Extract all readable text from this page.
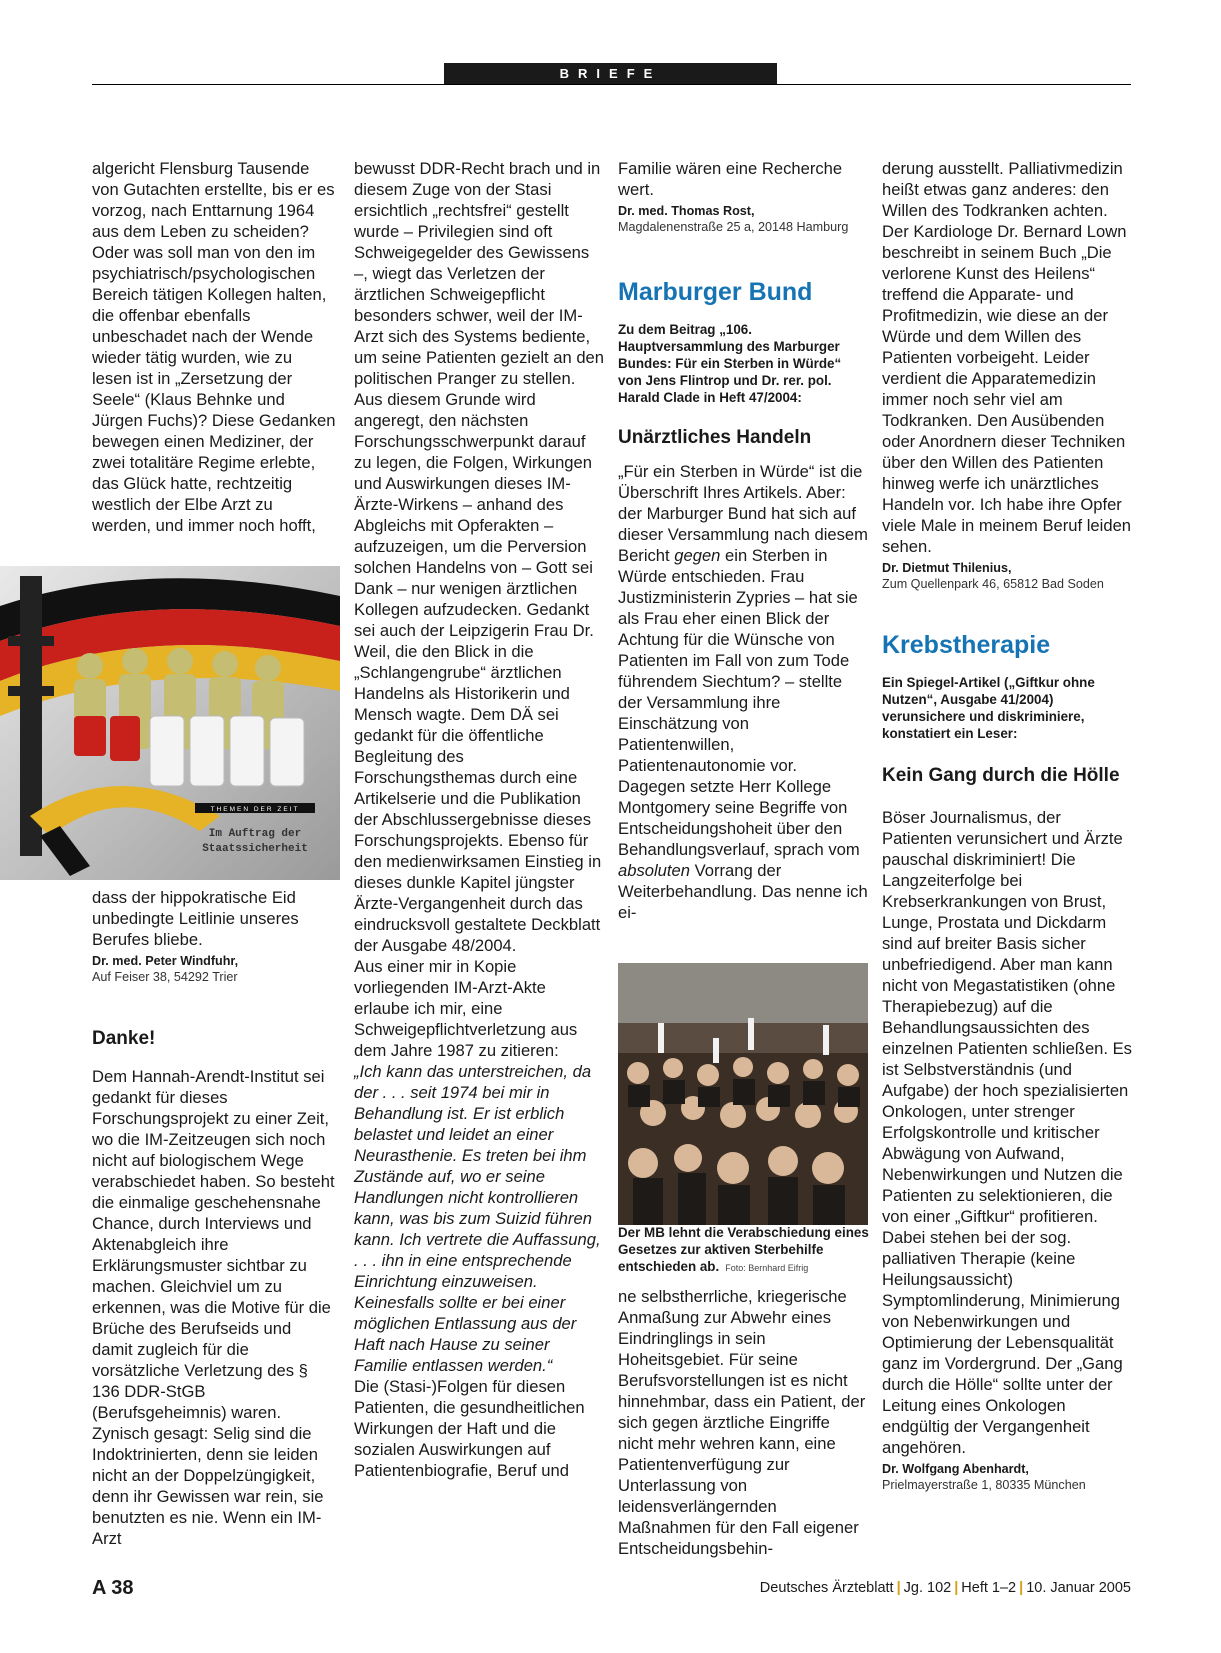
BRIEFE

algericht Flensburg Tausende von Gutachten erstellte, bis er es vorzog, nach Enttarnung 1964 aus dem Leben zu scheiden? Oder was soll man von den im psychiatrisch/psychologischen Bereich tätigen Kollegen halten, die offenbar ebenfalls unbeschadet nach der Wende wieder tätig wurden, wie zu lesen ist in „Zersetzung der Seele“ (Klaus Behnke und Jürgen Fuchs)? Diese Gedanken bewegen einen Mediziner, der zwei totalitäre Regime erlebte, das Glück hatte, rechtzeitig westlich der Elbe Arzt zu werden, und immer noch hofft,

THEMEN DER ZEIT
Im Auftrag der
Staatssicherheit

dass der hippokratische Eid unbedingte Leitlinie unseres Berufes bliebe.

Dr. med. Peter Windfuhr,
Auf Feiser 38, 54292 Trier
Danke!

Dem Hannah-Arendt-Institut sei gedankt für dieses Forschungsprojekt zu einer Zeit, wo die IM-Zeitzeugen sich noch nicht auf biologischem Wege verabschiedet haben. So besteht die einmalige geschehensnahe Chance, durch Interviews und Aktenabgleich ihre Erklärungsmuster sichtbar zu machen. Gleichviel um zu erkennen, was die Motive für die Brüche des Berufseids und damit zugleich für die vorsätzliche Verletzung des § 136 DDR-StGB (Berufsgeheimnis) waren. Zynisch gesagt: Selig sind die Indoktrinierten, denn sie leiden nicht an der Doppelzüngigkeit, denn ihr Gewissen war rein, sie benutzten es nie. Wenn ein IM-Arzt

bewusst DDR-Recht brach und in diesem Zuge von der Stasi ersichtlich „rechtsfrei“ gestellt wurde – Privilegien sind oft Schweigegelder des Gewissens –, wiegt das Verletzen der ärztlichen Schweigepflicht besonders schwer, weil der IM-Arzt sich des Systems bediente, um seine Patienten gezielt an den politischen Pranger zu stellen. Aus diesem Grunde wird angeregt, den nächsten Forschungsschwerpunkt darauf zu legen, die Folgen, Wirkungen und Auswirkungen dieses IM-Ärzte-Wirkens – anhand des Abgleichs mit Opferakten – aufzuzeigen, um die Perversion solchen Handelns von – Gott sei Dank – nur wenigen ärztlichen Kollegen aufzudecken. Gedankt sei auch der Leipzigerin Frau Dr. Weil, die den Blick in die „Schlangengrube“ ärztlichen Handelns als Historikerin und Mensch wagte. Dem DÄ sei gedankt für die öffentliche Begleitung des Forschungsthemas durch eine Artikelserie und die Publikation der Abschlussergebnisse dieses Forschungsprojekts. Ebenso für den medienwirksamen Einstieg in dieses dunkle Kapitel jüngster Ärzte-Vergangenheit durch das eindrucksvoll gestaltete Deckblatt der Ausgabe 48/2004.

Aus einer mir in Kopie vorliegenden IM-Arzt-Akte erlaube ich mir, eine Schweigepflichtverletzung aus dem Jahre 1987 zu zitieren:

„Ich kann das unterstreichen, da der . . . seit 1974 bei mir in Behandlung ist. Er ist erblich belastet und leidet an einer Neurasthenie. Es treten bei ihm Zustände auf, wo er seine Handlungen nicht kontrollieren kann, was bis zum Suizid führen kann. Ich vertrete die Auffassung, . . . ihn in eine entsprechende Einrichtung einzuweisen. Keinesfalls sollte er bei einer möglichen Entlassung aus der Haft nach Hause zu seiner Familie entlassen werden.“

Die (Stasi-)Folgen für diesen Patienten, die gesundheitlichen Wirkungen der Haft und die sozialen Auswirkungen auf Patientenbiografie, Beruf und

Familie wären eine Recherche wert.

Dr. med. Thomas Rost,
Magdalenenstraße 25 a, 20148 Hamburg
Marburger Bund
Zu dem Beitrag „106. Hauptversammlung des Marburger Bundes: Für ein Sterben in Würde“ von Jens Flintrop und Dr. rer. pol. Harald Clade in Heft 47/2004:
Unärztliches Handeln

„Für ein Sterben in Würde“ ist die Überschrift Ihres Artikels. Aber: der Marburger Bund hat sich auf dieser Versammlung nach diesem Bericht gegen ein Sterben in Würde entschieden. Frau Justizministerin Zypries – hat sie als Frau eher einen Blick der Achtung für die Wünsche von Patienten im Fall von zum Tode führendem Siechtum? – stellte der Versammlung ihre Einschätzung von Patientenwillen, Patientenautonomie vor. Dagegen setzte Herr Kollege Montgomery seine Begriffe von Entscheidungshoheit über den Behandlungsverlauf, sprach vom absoluten Vorrang der Weiterbehandlung. Das nenne ich ei-

Der MB lehnt die Verabschiedung eines Gesetzes zur aktiven Sterbehilfe entschieden ab. Foto: Bernhard Eifrig

ne selbstherrliche, kriegerische Anmaßung zur Abwehr eines Eindringlings in sein Hoheitsgebiet. Für seine Berufsvorstellungen ist es nicht hinnehmbar, dass ein Patient, der sich gegen ärztliche Eingriffe nicht mehr wehren kann, eine Patientenverfügung zur Unterlassung von leidensverlängernden Maßnahmen für den Fall eigener Entscheidungsbehin-

derung ausstellt. Palliativmedizin heißt etwas ganz anderes: den Willen des Todkranken achten. Der Kardiologe Dr. Bernard Lown beschreibt in seinem Buch „Die verlorene Kunst des Heilens“ treffend die Apparate- und Profitmedizin, wie diese an der Würde und dem Willen des Patienten vorbeigeht. Leider verdient die Apparatemedizin immer noch sehr viel am Todkranken. Den Ausübenden oder Anordnern dieser Techniken über den Willen des Patienten hinweg werfe ich unärztliches Handeln vor. Ich habe ihre Opfer viele Male in meinem Beruf leiden sehen.

Dr. Dietmut Thilenius,
Zum Quellenpark 46, 65812 Bad Soden
Krebstherapie
Ein Spiegel-Artikel („Giftkur ohne Nutzen“, Ausgabe 41/2004) verunsichere und diskriminiere, konstatiert ein Leser:
Kein Gang durch die Hölle

Böser Journalismus, der Patienten verunsichert und Ärzte pauschal diskriminiert! Die Langzeiterfolge bei Krebserkrankungen von Brust, Lunge, Prostata und Dickdarm sind auf breiter Basis sicher unbefriedigend. Aber man kann nicht von Megastatistiken (ohne Therapiebezug) auf die Behandlungsaussichten des einzelnen Patienten schließen. Es ist Selbstverständnis (und Aufgabe) der hoch spezialisierten Onkologen, unter strenger Erfolgskontrolle und kritischer Abwägung von Aufwand, Nebenwirkungen und Nutzen die Patienten zu selektionieren, die von einer „Giftkur“ profitieren. Dabei stehen bei der sog. palliativen Therapie (keine Heilungsaussicht) Symptomlinderung, Minimierung von Nebenwirkungen und Optimierung der Lebensqualität ganz im Vordergrund. Der „Gang durch die Hölle“ sollte unter der Leitung eines Onkologen endgültig der Vergangenheit angehören.

Dr. Wolfgang Abenhardt,
Prielmayerstraße 1, 80335 München
A 38	Deutsches Ärzteblatt | Jg. 102 | Heft 1–2 | 10. Januar 2005
